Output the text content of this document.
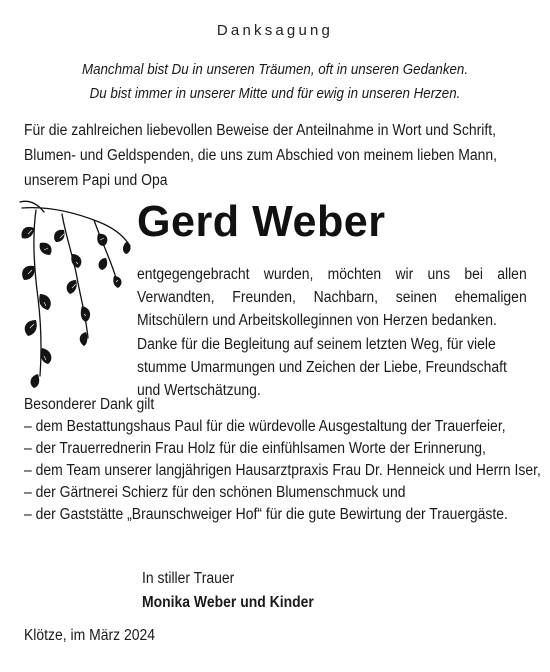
Danksagung
Manchmal bist Du in unseren Träumen, oft in unseren Gedanken.
Du bist immer in unserer Mitte und für ewig in unseren Herzen.
Für die zahlreichen liebevollen Beweise der Anteilnahme in Wort und Schrift,
Blumen- und Geldspenden, die uns zum Abschied von meinem lieben Mann,
unserem Papi und Opa
Gerd Weber
entgegengebracht wurden, möchten wir uns bei allen
Verwandten, Freunden, Nachbarn, seinen ehemaligen
Mitschülern und Arbeitskolleginnen von Herzen bedanken.
Danke für die Begleitung auf seinem letzten Weg, für viele
stumme Umarmungen und Zeichen der Liebe, Freundschaft
und Wertschätzung.
Besonderer Dank gilt
– dem Bestattungshaus Paul für die würdevolle Ausgestaltung der Trauerfeier,
– der Trauerrednerin Frau Holz für die einfühlsamen Worte der Erinnerung,
– dem Team unserer langjährigen Hausarztpraxis Frau Dr. Henneick und Herrn Iser,
– der Gärtnerei Schierz für den schönen Blumenschmuck und
– der Gaststätte „Braunschweiger Hof“ für die gute Bewirtung der Trauergäste.
In stiller Trauer
Monika Weber und Kinder
Klötze, im März 2024
